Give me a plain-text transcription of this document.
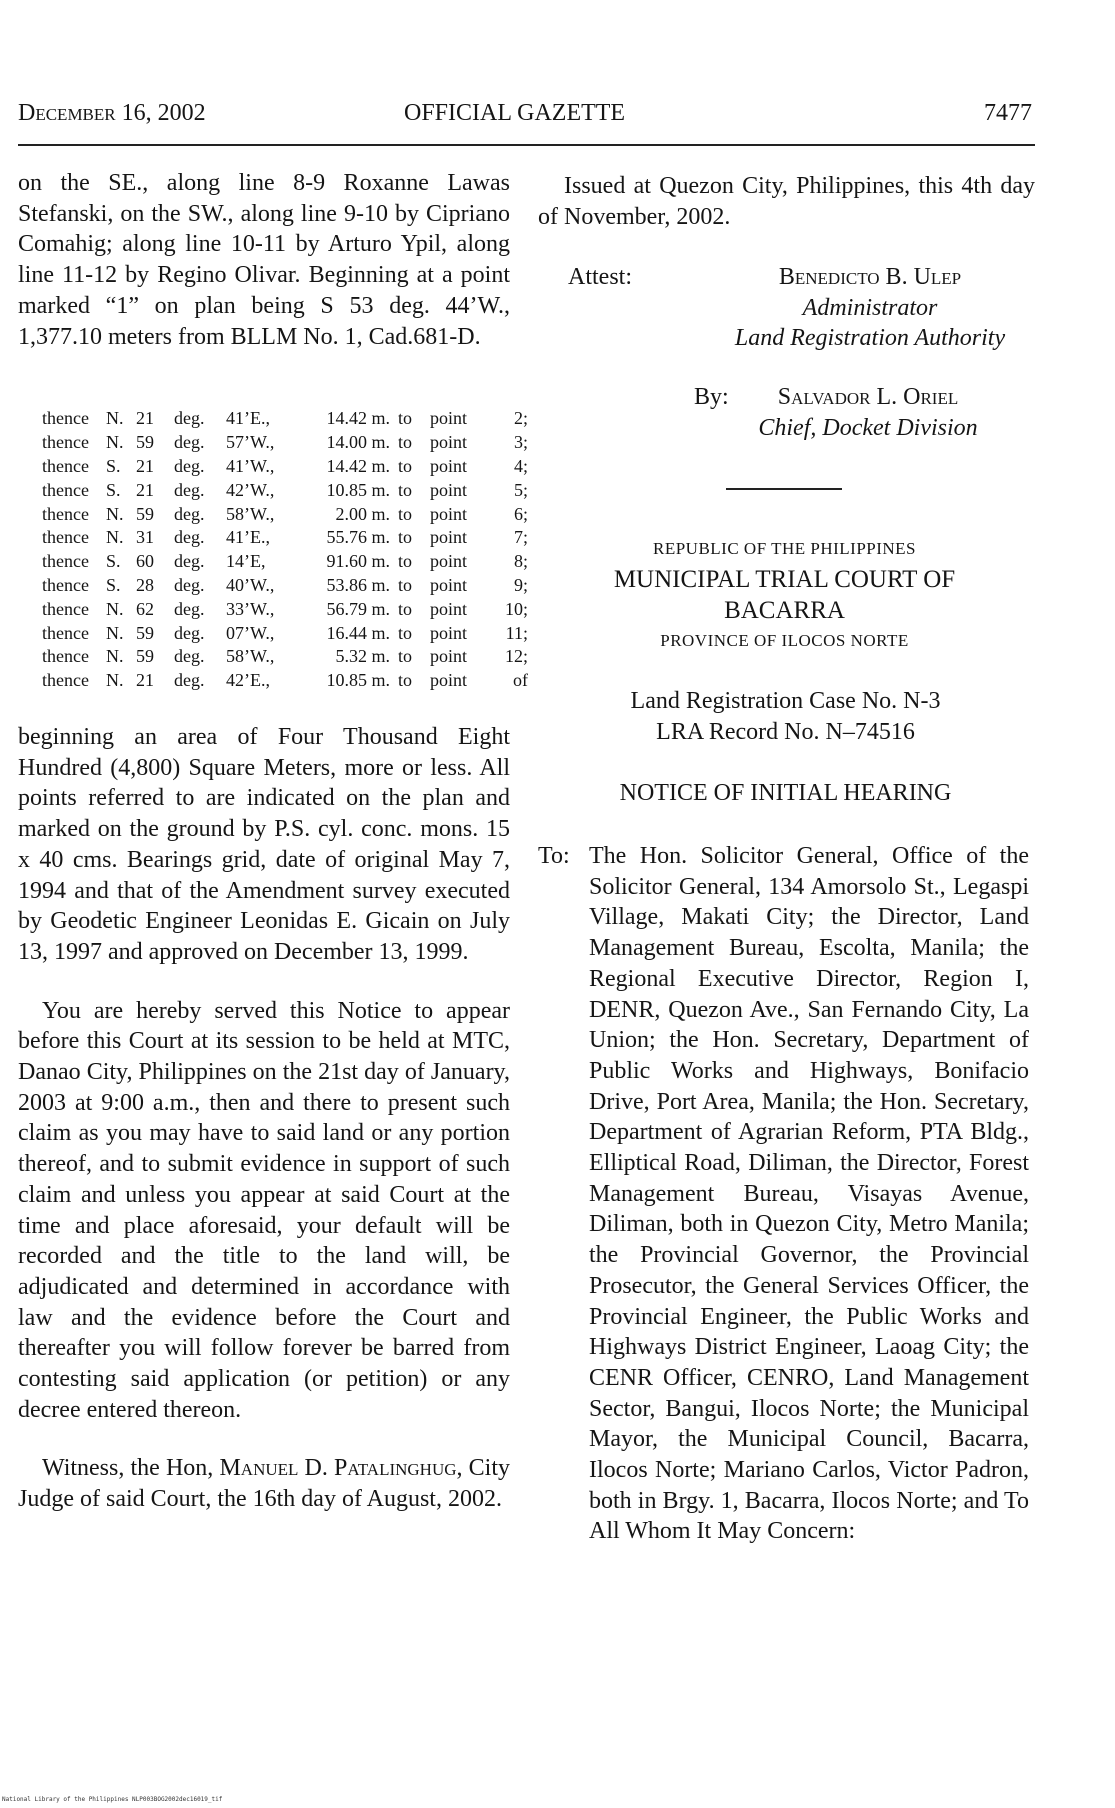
December 16, 2002	OFFICIAL GAZETTE	7477

on the SE., along line 8-9 Roxanne Lawas Stefanski, on the SW., along line 9-10 by Cipriano Comahig; along line 10-11 by Arturo Ypil, along line 11-12 by Regino Olivar. Beginning at a point marked “1” on plan being S 53 deg. 44’W., 1,377.10 meters from BLLM No. 1, Cad.681-D.

thence	N.	21	deg.	41’E.,	14.42 m.	to	point	2;
thence	N.	59	deg.	57’W.,	14.00 m.	to	point	3;
thence	S.	21	deg.	41’W.,	14.42 m.	to	point	4;
thence	S.	21	deg.	42’W.,	10.85 m.	to	point	5;
thence	N.	59	deg.	58’W.,	2.00 m.	to	point	6;
thence	N.	31	deg.	41’E.,	55.76 m.	to	point	7;
thence	S.	60	deg.	14’E,	91.60 m.	to	point	8;
thence	S.	28	deg.	40’W.,	53.86 m.	to	point	9;
thence	N.	62	deg.	33’W.,	56.79 m.	to	point	10;
thence	N.	59	deg.	07’W.,	16.44 m.	to	point	11;
thence	N.	59	deg.	58’W.,	5.32 m.	to	point	12;
thence	N.	21	deg.	42’E.,	10.85 m.	to	point	of

beginning an area of Four Thousand Eight Hundred (4,800) Square Meters, more or less. All points referred to are indicated on the plan and marked on the ground by P.S. cyl. conc. mons. 15 x 40 cms. Bearings grid, date of original May 7, 1994 and that of the Amendment survey executed by Geodetic Engineer Leonidas E. Gicain on July 13, 1997 and approved on December 13, 1999.

You are hereby served this Notice to appear before this Court at its session to be held at MTC, Danao City, Philippines on the 21st day of January, 2003 at 9:00 a.m., then and there to present such claim as you may have to said land or any portion thereof, and to submit evidence in support of such claim and unless you appear at said Court at the time and place aforesaid, your default will be recorded and the title to the land will, be adjudicated and determined in accordance with law and the evidence before the Court and thereafter you will follow forever be barred from contesting said application (or petition) or any decree entered thereon.

Witness, the Hon, Manuel D. Patalinghug, City Judge of said Court, the 16th day of August, 2002.

Issued at Quezon City, Philippines, this 4th day of November, 2002.
Attest:	Benedicto B. Ulep
Administrator
Land Registration Authority
By:	Salvador L. Oriel
Chief, Docket Division
REPUBLIC OF THE PHILIPPINES
MUNICIPAL TRIAL COURT OF
BACARRA
PROVINCE OF ILOCOS NORTE
Land Registration Case No. N-3
LRA Record No. N–74516
NOTICE OF INITIAL HEARING
To: The Hon. Solicitor General, Office of the Solicitor General, 134 Amorsolo St., Legaspi Village, Makati City; the Director, Land Management Bureau, Escolta, Manila; the Regional Executive Director, Region I, DENR, Quezon Ave., San Fernando City, La Union; the Hon. Secretary, Department of Public Works and Highways, Bonifacio Drive, Port Area, Manila; the Hon. Secretary, Department of Agrarian Reform, PTA Bldg., Elliptical Road, Diliman, the Director, Forest Management Bureau, Visayas Avenue, Diliman, both in Quezon City, Metro Manila; the Provincial Governor, the Provincial Prosecutor, the General Services Officer, the Provincial Engineer, the Public Works and Highways District Engineer, Laoag City; the CENR Officer, CENRO, Land Management Sector, Bangui, Ilocos Norte; the Municipal Mayor, the Municipal Council, Bacarra, Ilocos Norte; Mariano Carlos, Victor Padron, both in Brgy. 1, Bacarra, Ilocos Norte; and To All Whom It May Concern:
National Library of the Philippines NLP003BOG2002dec16019_tif
